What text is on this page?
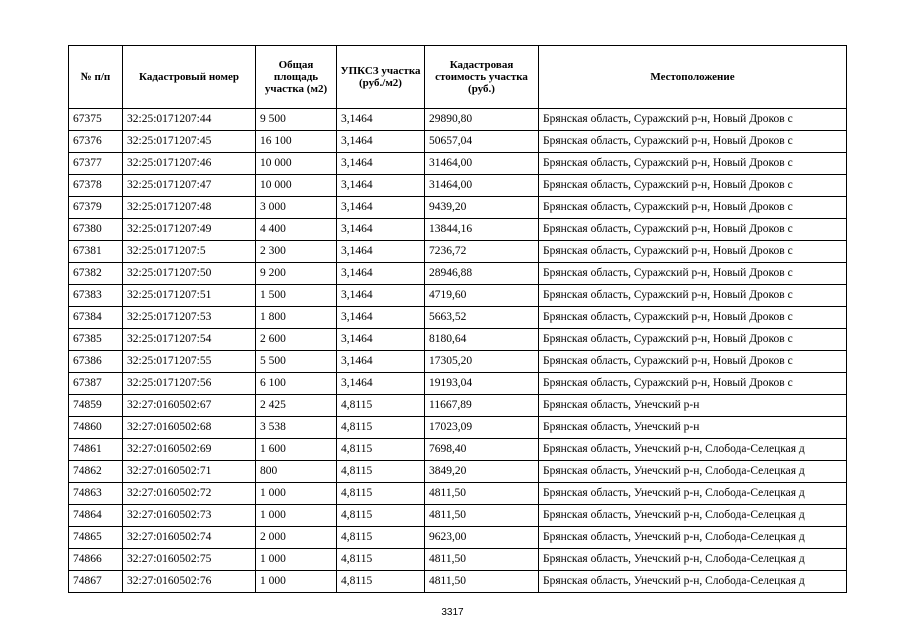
№ п/п	Кадастровый номер	Общая площадь участка (м2)	УПКСЗ участка (руб./м2)	Кадастровая стоимость участка (руб.)	Местоположение
67375	32:25:0171207:44	9 500	3,1464	29890,80	Брянская область, Суражский р-н, Новый Дроков с
67376	32:25:0171207:45	16 100	3,1464	50657,04	Брянская область, Суражский р-н, Новый Дроков с
67377	32:25:0171207:46	10 000	3,1464	31464,00	Брянская область, Суражский р-н, Новый Дроков с
67378	32:25:0171207:47	10 000	3,1464	31464,00	Брянская область, Суражский р-н, Новый Дроков с
67379	32:25:0171207:48	3 000	3,1464	9439,20	Брянская область, Суражский р-н, Новый Дроков с
67380	32:25:0171207:49	4 400	3,1464	13844,16	Брянская область, Суражский р-н, Новый Дроков с
67381	32:25:0171207:5	2 300	3,1464	7236,72	Брянская область, Суражский р-н, Новый Дроков с
67382	32:25:0171207:50	9 200	3,1464	28946,88	Брянская область, Суражский р-н, Новый Дроков с
67383	32:25:0171207:51	1 500	3,1464	4719,60	Брянская область, Суражский р-н, Новый Дроков с
67384	32:25:0171207:53	1 800	3,1464	5663,52	Брянская область, Суражский р-н, Новый Дроков с
67385	32:25:0171207:54	2 600	3,1464	8180,64	Брянская область, Суражский р-н, Новый Дроков с
67386	32:25:0171207:55	5 500	3,1464	17305,20	Брянская область, Суражский р-н, Новый Дроков с
67387	32:25:0171207:56	6 100	3,1464	19193,04	Брянская область, Суражский р-н, Новый Дроков с
74859	32:27:0160502:67	2 425	4,8115	11667,89	Брянская область, Унечский р-н
74860	32:27:0160502:68	3 538	4,8115	17023,09	Брянская область, Унечский р-н
74861	32:27:0160502:69	1 600	4,8115	7698,40	Брянская область, Унечский р-н, Слобода-Селецкая д
74862	32:27:0160502:71	800	4,8115	3849,20	Брянская область, Унечский р-н, Слобода-Селецкая д
74863	32:27:0160502:72	1 000	4,8115	4811,50	Брянская область, Унечский р-н, Слобода-Селецкая д
74864	32:27:0160502:73	1 000	4,8115	4811,50	Брянская область, Унечский р-н, Слобода-Селецкая д
74865	32:27:0160502:74	2 000	4,8115	9623,00	Брянская область, Унечский р-н, Слобода-Селецкая д
74866	32:27:0160502:75	1 000	4,8115	4811,50	Брянская область, Унечский р-н, Слобода-Селецкая д
74867	32:27:0160502:76	1 000	4,8115	4811,50	Брянская область, Унечский р-н, Слобода-Селецкая д
3317
